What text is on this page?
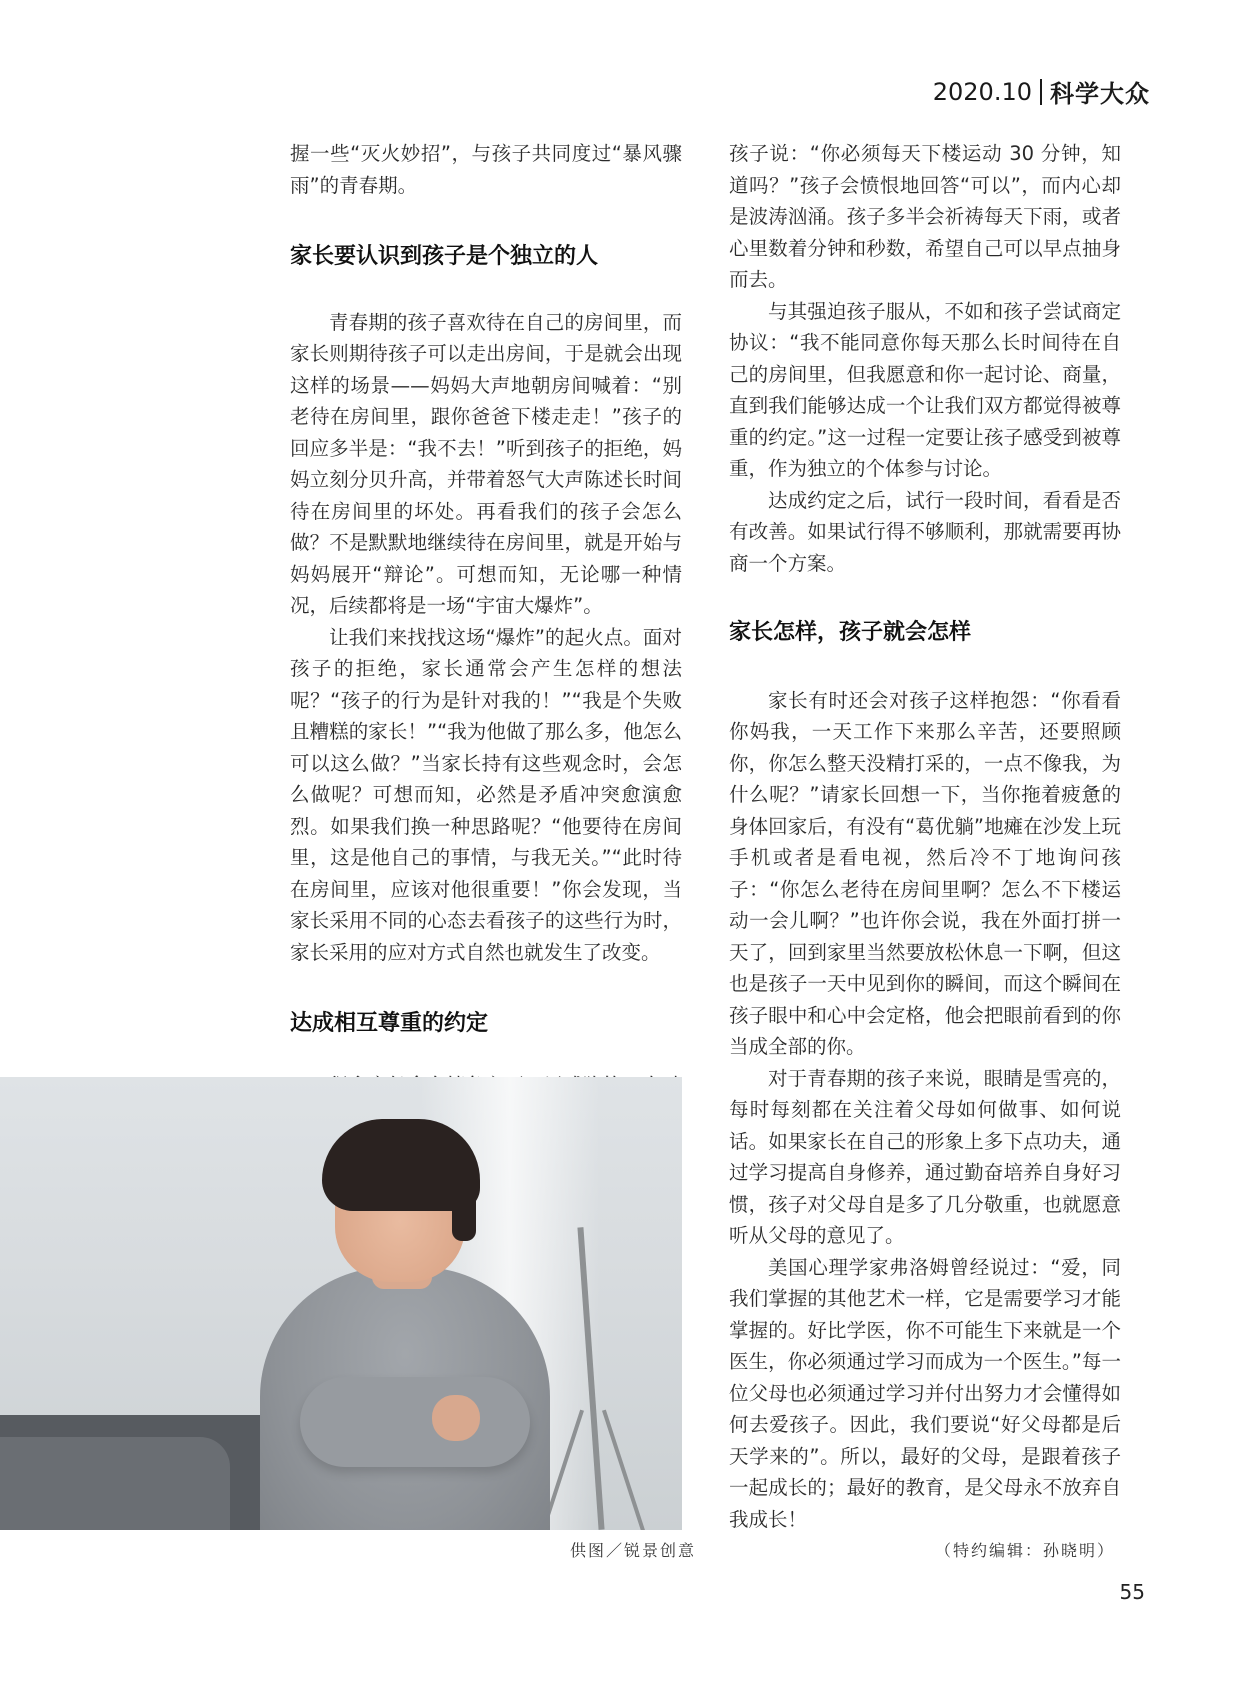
2020.10 科学大众

握一些“灭火妙招”，与孩子共同度过“暴风骤雨”的青春期。

家长要认识到孩子是个独立的人

青春期的孩子喜欢待在自己的房间里，而家长则期待孩子可以走出房间，于是就会出现这样的场景——妈妈大声地朝房间喊着：“别老待在房间里，跟你爸爸下楼走走！”孩子的回应多半是：“我不去！”听到孩子的拒绝，妈妈立刻分贝升高，并带着怒气大声陈述长时间待在房间里的坏处。再看我们的孩子会怎么做？不是默默地继续待在房间里，就是开始与妈妈展开“辩论”。可想而知，无论哪一种情况，后续都将是一场“宇宙大爆炸”。

让我们来找找这场“爆炸”的起火点。面对孩子的拒绝，家长通常会产生怎样的想法呢？“孩子的行为是针对我的！”“我是个失败且糟糕的家长！”“我为他做了那么多，他怎么可以这么做？”当家长持有这些观念时，会怎么做呢？可想而知，必然是矛盾冲突愈演愈烈。如果我们换一种思路呢？“他要待在房间里，这是他自己的事情，与我无关。”“此时待在房间里，应该对他很重要！”你会发现，当家长采用不同的心态去看孩子的这些行为时，家长采用的应对方式自然也就发生了改变。

达成相互尊重的约定

孩子说：“你必须每天下楼运动 30 分钟，知道吗？”孩子会愤恨地回答“可以”，而内心却是波涛汹涌。孩子多半会祈祷每天下雨，或者心里数着分钟和秒数，希望自己可以早点抽身而去。

与其强迫孩子服从，不如和孩子尝试商定协议：“我不能同意你每天那么长时间待在自己的房间里，但我愿意和你一起讨论、商量，直到我们能够达成一个让我们双方都觉得被尊重的约定。”这一过程一定要让孩子感受到被尊重，作为独立的个体参与讨论。

达成约定之后，试行一段时间，看看是否有改善。如果试行得不够顺利，那就需要再协商一个方案。

家长怎样，孩子就会怎样

家长有时还会对孩子这样抱怨：“你看看你妈我，一天工作下来那么辛苦，还要照顾你，你怎么整天没精打采的，一点不像我，为什么呢？”请家长回想一下，当你拖着疲惫的身体回家后，有没有“葛优躺”地瘫在沙发上玩手机或者是看电视，然后冷不丁地询问孩子：“你怎么老待在房间里啊？怎么不下楼运动一会儿啊？”也许你会说，我在外面打拼一天了，回到家里当然要放松休息一下啊，但这也是孩子一天中见到你的瞬间，而这个瞬间在孩子眼中和心中会定格，他会把眼前看到的你当成全部的你。

对于青春期的孩子来说，眼睛是雪亮的，每时每刻都在关注着父母如何做事、如何说话。如果家长在自己的形象上多下点功夫，通过学习提高自身修养，通过勤奋培养自身好习惯，孩子对父母自是多了几分敬重，也就愿意听从父母的意见了。

美国心理学家弗洛姆曾经说过：“爱，同我们掌握的其他艺术一样，它是需要学习才能掌握的。好比学医，你不可能生下来就是一个医生，你必须通过学习而成为一个医生。”每一位父母也必须通过学习并付出努力才会懂得如何去爱孩子。因此，我们要说“好父母都是后天学来的”。所以，最好的父母，是跟着孩子一起成长的；最好的教育，是父母永不放弃自我成长！

供图／锐景创意	（特约编辑：孙晓明）
55
